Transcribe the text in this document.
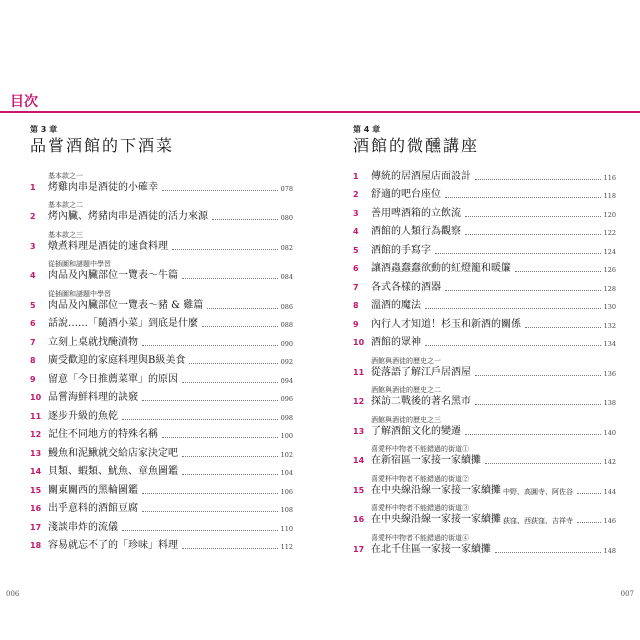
目次
第 3 章
品嘗酒館的下酒菜
1
基本款之一
烤雞肉串是酒徒的小確幸	078
2
基本款之二
烤內臟、烤豬肉串是酒徒的活力來源	080
3
基本款之三
燉煮料理是酒徒的速食料理	082
4
從插圖和謎題中學習
肉品及內臟部位一覽表～牛篇	084
5
從插圖和謎題中學習
肉品及內臟部位一覽表～豬 & 雞篇	086
6 話說……「隨酒小菜」到底是什麼	088
7 立刻上桌就找醃漬物	090
8 廣受歡迎的家庭料理與B級美食	092
9 留意「今日推薦菜單」的原因	094
10 品嘗海鮮料理的訣竅	096
11 逐步升級的魚乾	098
12 記住不同地方的特殊名稱	100
13 鰻魚和泥鰍就交給店家決定吧	102
14 貝類、蝦類、魷魚、章魚圖鑑	104
15 關東關西的黑輪圖鑑	106
16 出乎意料的酒館豆腐	108
17 淺談串炸的流儀	110
18 容易就忘不了的「珍味」料理	112
第 4 章
酒館的微醺講座
1 傳統的居酒屋店面設計	116
2 舒適的吧台座位	118
3 善用啤酒箱的立飲流	120
4 酒館的人類行為觀察	122
5 酒館的手寫字	124
6 讓酒蟲蠢蠢欲動的紅燈籠和暖簾	126
7 各式各樣的酒器	128
8 溫酒的魔法	130
9 內行人才知道！杉玉和新酒的關係	132
10 酒館的眾神	134
11
酒館與酒徒的歷史之一
從落語了解江戶居酒屋	136
12
酒館與酒徒的歷史之二
探訪二戰後的著名黑市	138
13
酒館與酒徒的歷史之三
了解酒館文化的變遷	140
14
喜愛杯中物者不能錯過的街道①
在新宿區一家接一家續攤	142
15
喜愛杯中物者不能錯過的街道②
在中央線沿線一家接一家續攤 中野、高圓寺、阿佐谷	144
16
喜愛杯中物者不能錯過的街道③
在中央線沿線一家接一家續攤 荻窪、西荻窪、吉祥寺	146
17
喜愛杯中物者不能錯過的街道④
在北千住區一家接一家續攤	148
006	007
